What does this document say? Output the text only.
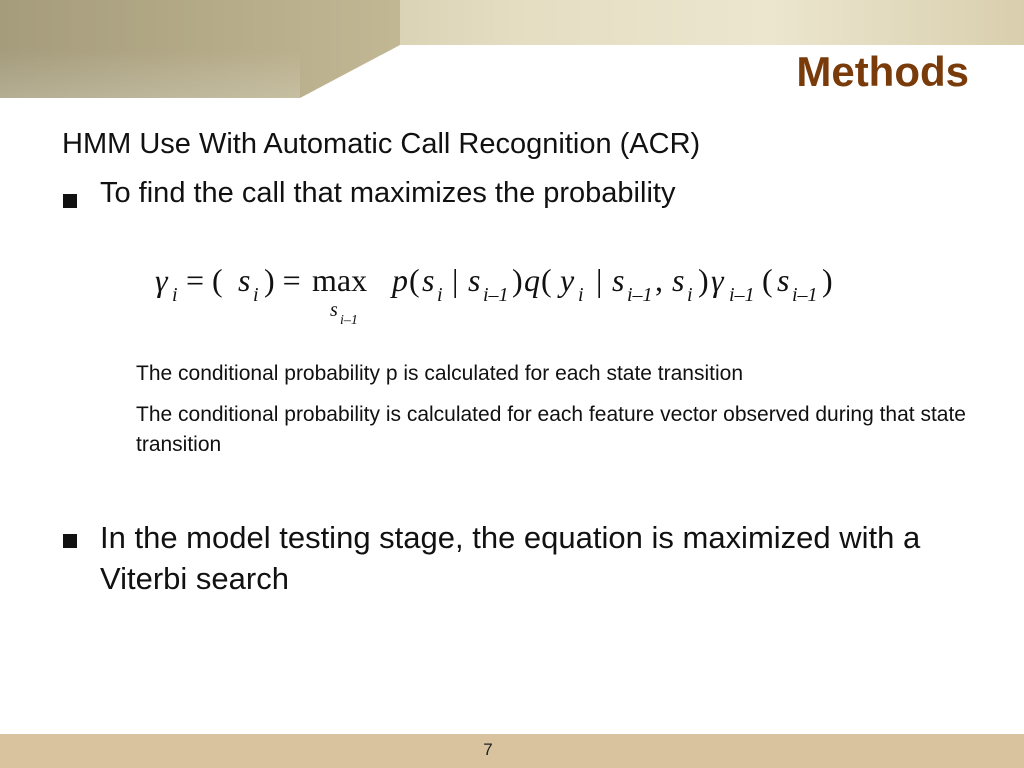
Methods

HMM Use With Automatic Call Recognition (ACR)

To find the call that maximizes the probability

γ i = ( s i ) = max
s i–1
p ( s i | s i–1 ) q ( y i | s i–1 , s i ) γ i–1 ( s i–1 )

The conditional probability p is calculated for each state transition

The conditional probability is calculated for each feature vector observed during that state transition

In the model testing stage, the equation is maximized with a Viterbi search

7
